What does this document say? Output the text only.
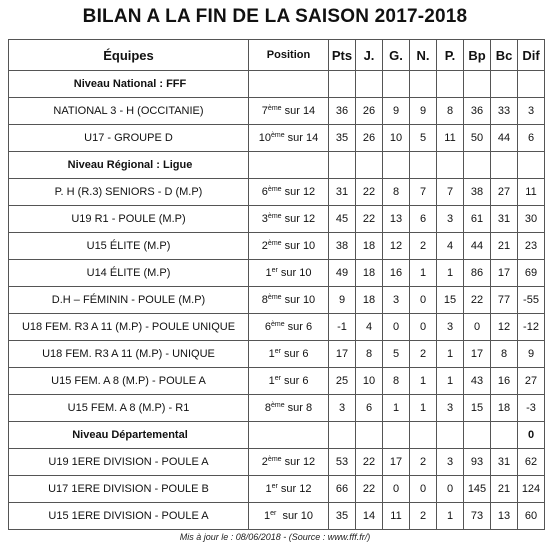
BILAN A LA FIN DE LA SAISON 2017-2018
Équipes	Position	Pts	J.	G.	N.	P.	Bp	Bc	Dif
Niveau National : FFF									
NATIONAL 3 - H (OCCITANIE)	7ème sur 14	36	26	9	9	8	36	33	3
U17 - GROUPE D	10ème sur 14	35	26	10	5	11	50	44	6
Niveau Régional : Ligue									
P. H (R.3) SENIORS - D (M.P)	6ème sur 12	31	22	8	7	7	38	27	11
U19 R1 - POULE (M.P)	3ème sur 12	45	22	13	6	3	61	31	30
U15 ÉLITE (M.P)	2ème sur 10	38	18	12	2	4	44	21	23
U14 ÉLITE (M.P)	1er sur 10	49	18	16	1	1	86	17	69
D.H – FÉMININ - POULE (M.P)	8ème sur 10	9	18	3	0	15	22	77	-55
U18 FEM. R3 A 11 (M.P) - POULE UNIQUE	6ème sur 6	-1	4	0	0	3	0	12	-12
U18 FEM. R3 A 11 (M.P) - UNIQUE	1er sur 6	17	8	5	2	1	17	8	9
U15 FEM. A 8 (M.P) - POULE A	1er sur 6	25	10	8	1	1	43	16	27
U15 FEM. A 8 (M.P) - R1	8ème sur 8	3	6	1	1	3	15	18	-3
Niveau Départemental									0
U19 1ERE DIVISION - POULE A	2ème sur 12	53	22	17	2	3	93	31	62
U17 1ERE DIVISION - POULE B	1er sur 12	66	22	0	0	0	145	21	124
U15 1ERE DIVISION - POULE A	1er  sur 10	35	14	11	2	1	73	13	60
Mis à jour le : 08/06/2018 - (Source : www.fff.fr/)
